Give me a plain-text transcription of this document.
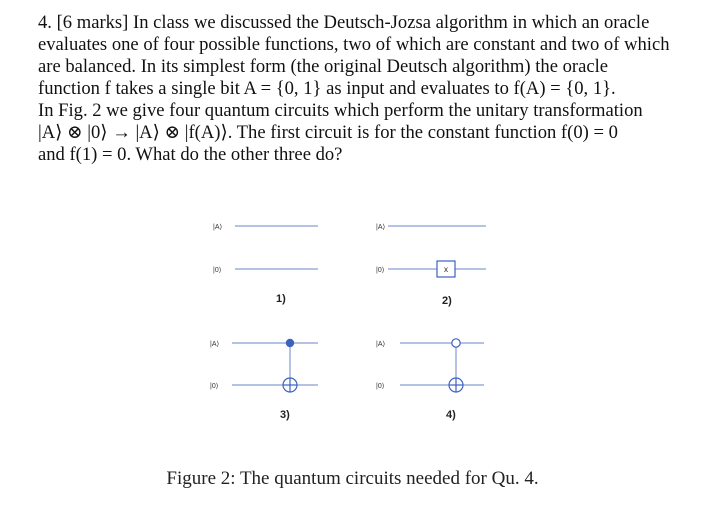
4. [6 marks] In class we discussed the Deutsch-Jozsa algorithm in which an oracle
evaluates one of four possible functions, two of which are constant and two of which
are balanced. In its simplest form (the original Deutsch algorithm) the oracle
function f takes a single bit A = {0, 1} as input and evaluates to f(A) = {0, 1}.
In Fig. 2 we give four quantum circuits which perform the unitary transformation
|A⟩ ⊗ |0⟩ → |A⟩ ⊗ |f(A)⟩. The first circuit is for the constant function f(0) = 0
and f(1) = 0. What do the other three do?
|A⟩
|0⟩
1)
|A⟩
|0⟩	x
2)
|A⟩
|0⟩
3)
|A⟩
|0⟩
4)
Figure 2: The quantum circuits needed for Qu. 4.
